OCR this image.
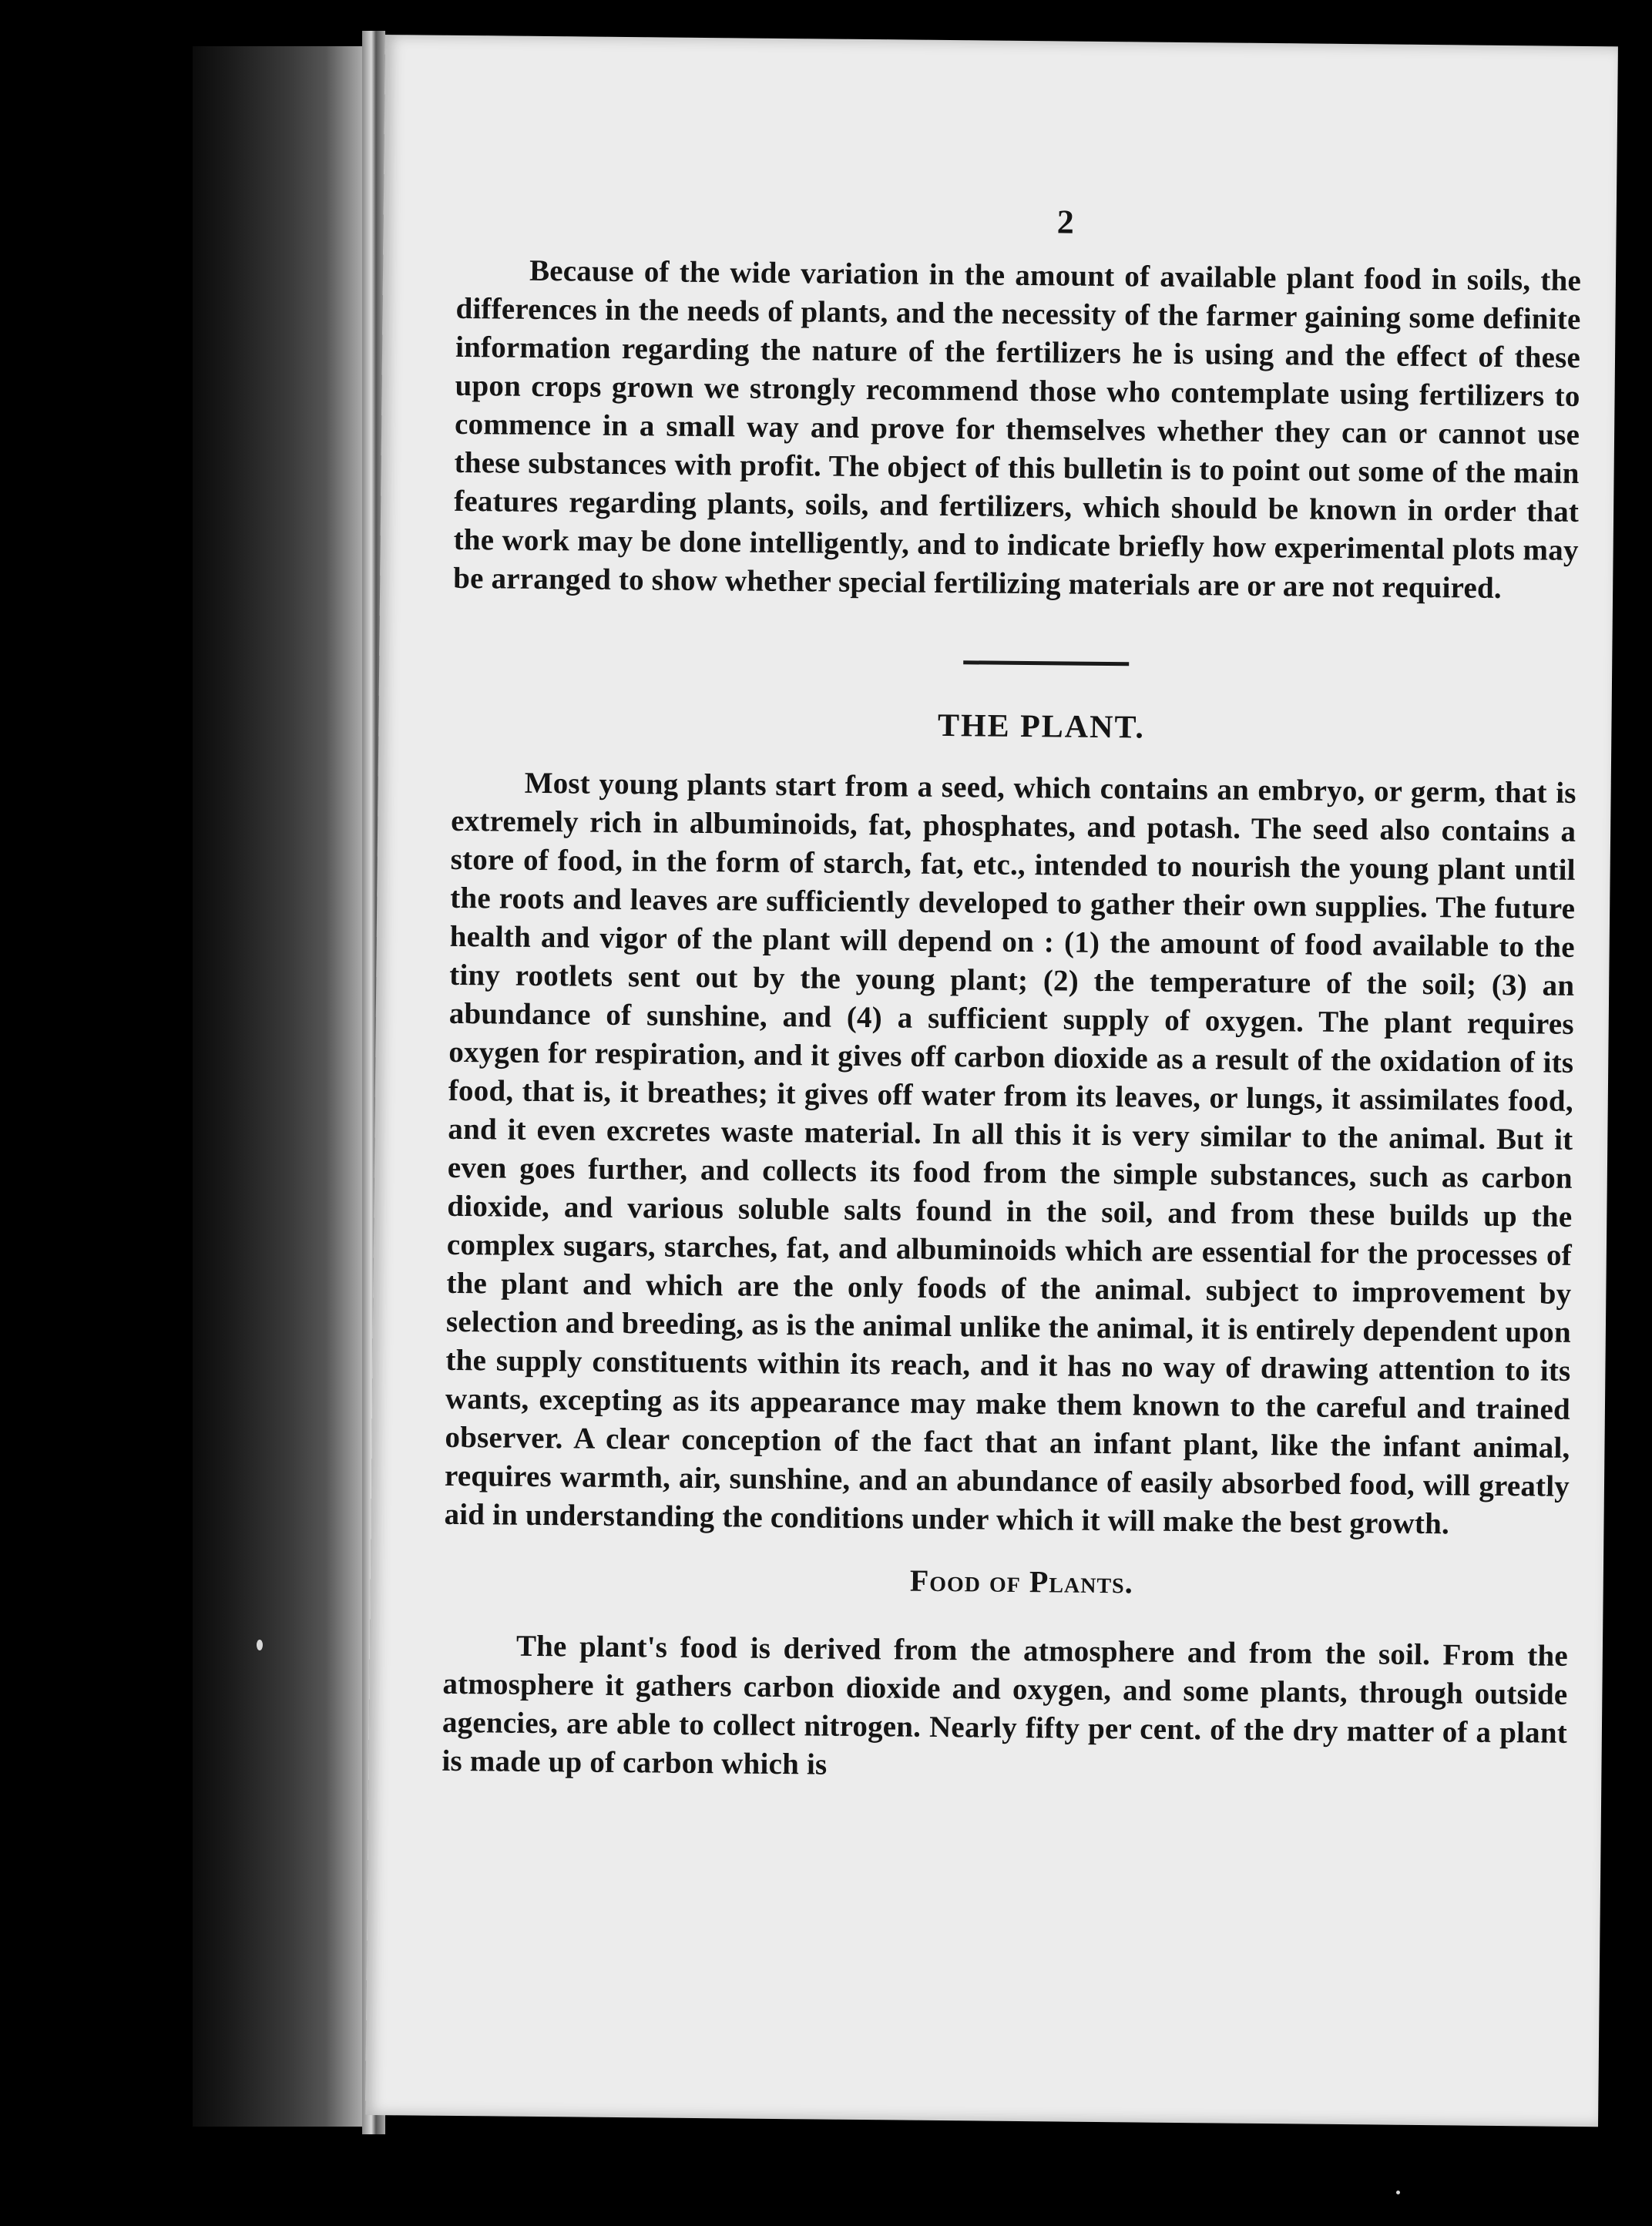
2

Because of the wide variation in the amount of available plant food in soils, the differences in the needs of plants, and the necessity of the farmer gaining some definite information regarding the nature of the fertilizers he is using and the effect of these upon crops grown we strongly recommend those who contemplate using fertilizers to commence in a small way and prove for themselves whether they can or cannot use these substances with profit. The object of this bulletin is to point out some of the main features regarding plants, soils, and fertilizers, which should be known in order that the work may be done intelligently, and to indicate briefly how experimental plots may be arranged to show whether special fertilizing materials are or are not required.

THE PLANT.

Most young plants start from a seed, which contains an embryo, or germ, that is extremely rich in albuminoids, fat, phosphates, and potash. The seed also contains a store of food, in the form of starch, fat, etc., intended to nourish the young plant until the roots and leaves are sufficiently developed to gather their own supplies. The future health and vigor of the plant will depend on : (1) the amount of food available to the tiny rootlets sent out by the young plant; (2) the temperature of the soil; (3) an abundance of sunshine, and (4) a sufficient supply of oxygen. The plant requires oxygen for respiration, and it gives off carbon dioxide as a result of the oxidation of its food, that is, it breathes; it gives off water from its leaves, or lungs, it assimilates food, and it even excretes waste material. In all this it is very similar to the animal. But it even goes further, and collects its food from the simple substances, such as carbon dioxide, and various soluble salts found in the soil, and from these builds up the complex sugars, starches, fat, and albuminoids which are essential for the processes of the plant and which are the only foods of the animal. subject to improvement by selection and breeding, as is the animal unlike the animal, it is entirely dependent upon the supply constituents within its reach, and it has no way of drawing attention to its wants, excepting as its appearance may make them known to the careful and trained observer. A clear conception of the fact that an infant plant, like the infant animal, requires warmth, air, sunshine, and an abundance of easily absorbed food, will greatly aid in understanding the conditions under which it will make the best growth.

Food of Plants.

The plant's food is derived from the atmosphere and from the soil. From the atmosphere it gathers carbon dioxide and oxygen, and some plants, through outside agencies, are able to collect nitrogen. Nearly fifty per cent. of the dry matter of a plant is made up of carbon which is
